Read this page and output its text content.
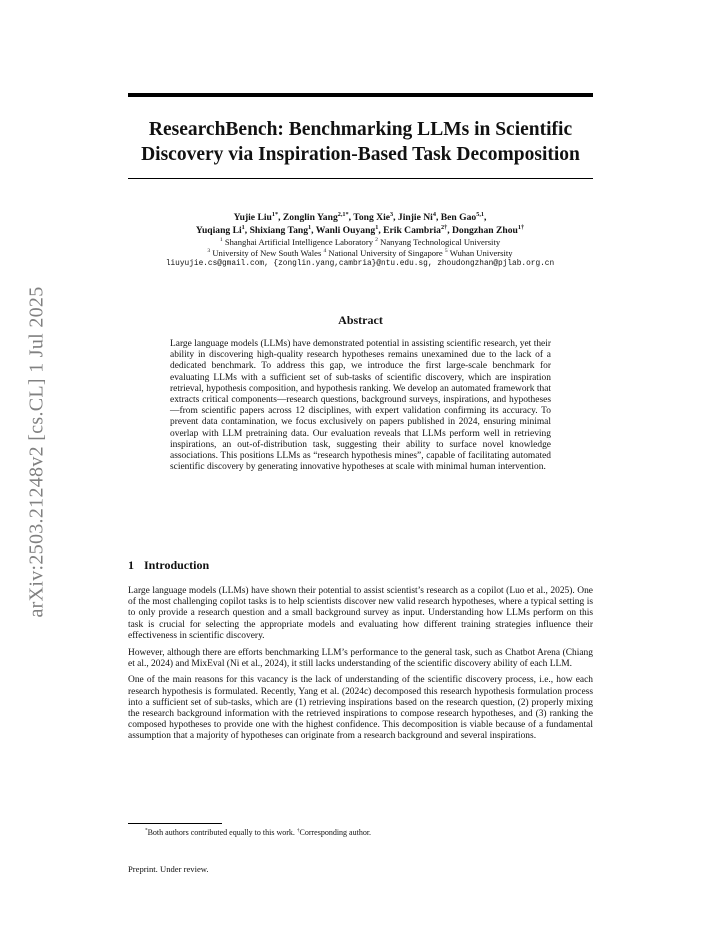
arXiv:2503.21248v2 [cs.CL] 1 Jul 2025
ResearchBench: Benchmarking LLMs in Scientific
Discovery via Inspiration-Based Task Decomposition
Yujie Liu$^{1*}$, Zonglin Yang$^{2,1*}$, Tong Xie$^3$, Jinjie Ni$^4$, Ben Gao$^{5,1}$,
Yuqiang Li$^1$, Shixiang Tang$^1$, Wanli Ouyang$^1$, Erik Cambria$^{2\dagger}$, Dongzhan Zhou$^{1\dagger}$
$^1$ Shanghai Artificial Intelligence Laboratory $^2$ Nanyang Technological University
$^3$ University of New South Wales $^4$ National University of Singapore $^5$ Wuhan University
liuyujie.cs@gmail.com, {zonglin.yang,cambria}@ntu.edu.sg, zhoudongzhan@pjlab.org.cn
Abstract

Large language models (LLMs) have demonstrated potential in assisting scientific research, yet their ability in discovering high-quality research hypotheses remains unexamined due to the lack of a dedicated benchmark. To address this gap, we introduce the first large-scale benchmark for evaluating LLMs with a sufficient set of sub-tasks of scientific discovery, which are inspiration retrieval, hypothesis composition, and hypothesis ranking. We develop an automated framework that extracts critical components—research questions, background surveys, inspirations, and hypotheses—from scientific papers across 12 disciplines, with expert validation confirming its accuracy. To prevent data contamination, we focus exclusively on papers published in 2024, ensuring minimal overlap with LLM pretraining data. Our evaluation reveals that LLMs perform well in retrieving inspirations, an out-of-distribution task, suggesting their ability to surface novel knowledge associations. This positions LLMs as “research hypothesis mines”, capable of facilitating automated scientific discovery by generating innovative hypotheses at scale with minimal human intervention.

1 Introduction

Large language models (LLMs) have shown their potential to assist scientist’s research as a copilot (Luo et al., 2025). One of the most challenging copilot tasks is to help scientists discover new valid research hypotheses, where a typical setting is to only provide a research question and a small background survey as input. Understanding how LLMs perform on this task is crucial for selecting the appropriate models and evaluating how different training strategies influence their effectiveness in scientific discovery.

However, although there are efforts benchmarking LLM’s performance to the general task, such as Chatbot Arena (Chiang et al., 2024) and MixEval (Ni et al., 2024), it still lacks understanding of the scientific discovery ability of each LLM.

One of the main reasons for this vacancy is the lack of understanding of the scientific discovery process, i.e., how each research hypothesis is formulated. Recently, Yang et al. (2024c) decomposed this research hypothesis formulation process into a sufficient set of sub-tasks, which are (1) retrieving inspirations based on the research question, (2) properly mixing the research background information with the retrieved inspirations to compose research hypotheses, and (3) ranking the composed hypotheses to provide one with the highest confidence. This decomposition is viable because of a fundamental assumption that a majority of hypotheses can originate from a research background and several inspirations.

*Both authors contributed equally to this work. †Corresponding author.
Preprint. Under review.
